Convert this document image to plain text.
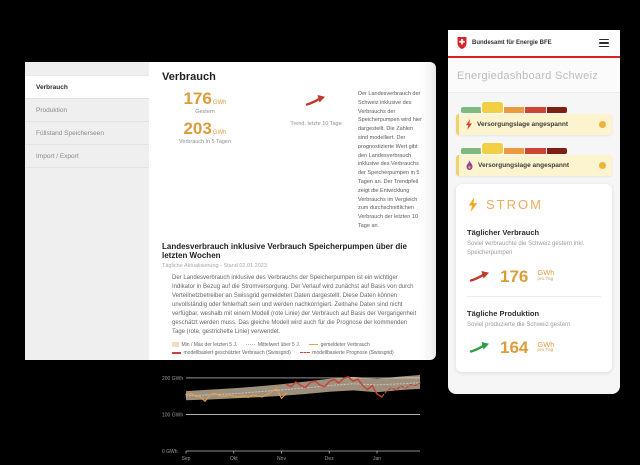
Verbrauch
Produktion
Füllstand Speicherseen
Import / Export
Verbrauch
176GWh
Gestern
203GWh
Verbrauch in 5 Tagen
Trend, letzte 10 Tage
Der Landesverbrauch der Schweiz inklusive des Verbrauchs der Speicherpumpen wird hier dargestellt. Die Zahlen sind modelliert. Der prognostizierte Wert gibt den Landesverbrauch inklusive des Verbrauchs der Speicherpumpen in 5 Tagen an. Der Trendpfeil zeigt die Entwicklung Verbrauchs im Vergleich zum durchschnittlichen Verbrauch der letzten 10 Tage an.
Landesverbrauch inklusive Verbrauch Speicherpumpen über die letzten Wochen
Tägliche Aktualisierung - Stand 02.01.2023
Der Landesverbrauch inklusive des Verbrauchs der Speicherpumpen ist ein wichtiger Indikator in Bezug auf die Stromversorgung. Der Verlauf wird zunächst auf Basis von durch Verteilnetzbetreiber an Swissgrid gemeldeten Daten dargestellt. Diese Daten können unvollständig oder fehlerhaft sein und werden nachkorrigiert. Zeitnahe Daten sind nicht verfügbar, weshalb mit einem Modell (rote Linie) der Verbrauch auf Basis der Vergangenheit geschätzt werden muss. Das gleiche Modell wird auch für die Prognose der kommenden Tage (rote, gestrichelte Linie) verwendet.
Min / Max der letzten 5 J.	Mittelwert über 5 J.	gemeldeter Verbrauch
modellbasiert geschätzter Verbrauch (Swissgrid)	modellbasierte Prognose (Swissgrid)
0 GWh
100 GWh
200 GWh
Sep	Okt	Nov	Dez	Jan
Bundesamt für Energie BFE
Energiedashboard Schweiz
Versorgungslage angespannt
Versorgungslage angespannt
STROM
Täglicher Verbrauch
Soviel verbrauchte die Schweiz gestern inkl. Speicherpumpen
176 GWh
pro Tag
Tägliche Produktion
Soviel produzierte die Schweiz gestern
164 GWh
pro Tag
